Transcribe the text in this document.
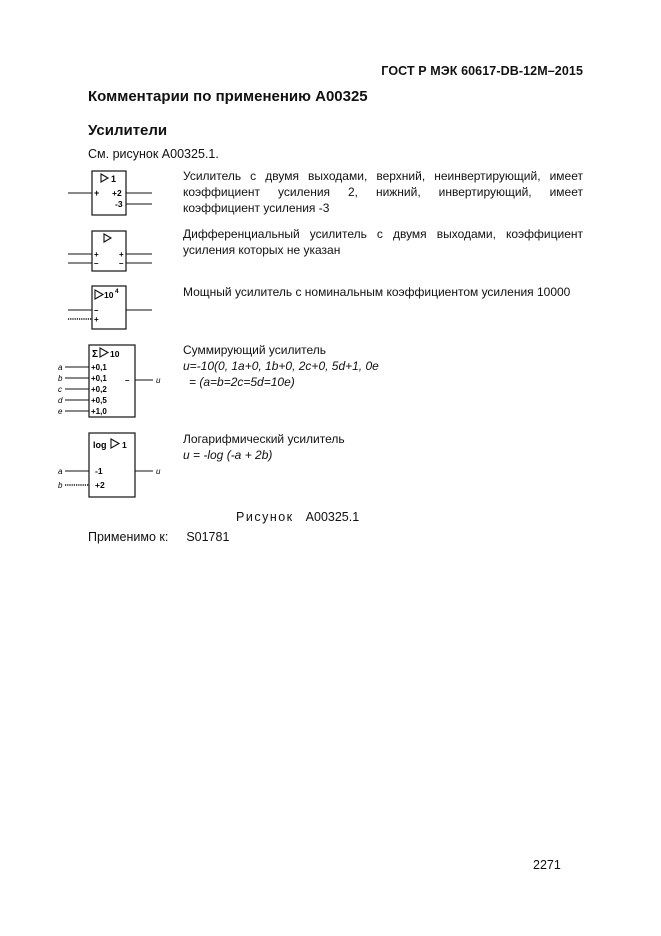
ГОСТ Р МЭК 60617-DB-12M–2015
Комментарии по применению A00325
Усилители
См. рисунок A00325.1.
1
+ +2
-3
Усилитель с двумя выходами, верхний, неинвертирующий, имеет
коэффициент усиления 2, нижний, инвертирующий, имеет
коэффициент усиления -3
+
–
+
–
Дифференциальный усилитель с двумя выходами, коэффициент
усиления которых не указан
10 4
–
+
Мощный усилитель с номинальным коэффициентом усиления 10000
Σ 10
a	+0,1
b	+0,1
c	+0,2
d	+0,5
e	+1,0
–	u
Суммирующий усилитель
u=-10(0, 1a+0, 1b+0, 2c+0, 5d+1, 0e
= (a=b=2c=5d=10e)
log 1
a	-1
b	+2
u
Логарифмический усилитель
u = -log (-a + 2b)
Рисунок A00325.1
Применимо к: S01781
2271
